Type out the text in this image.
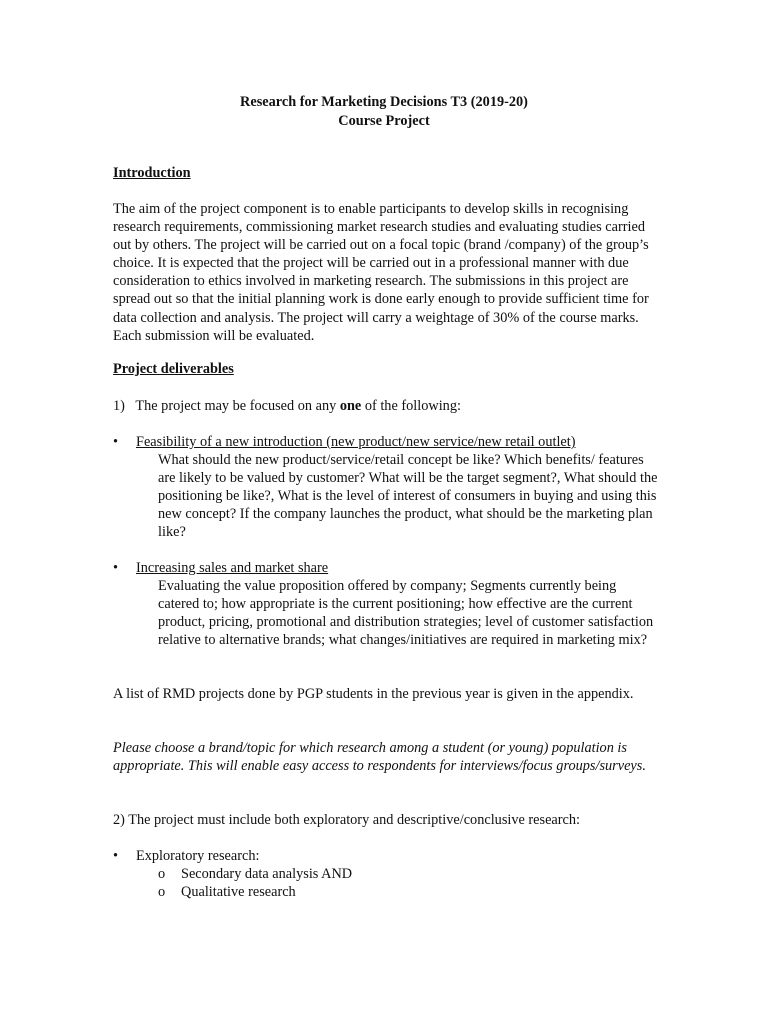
Research for Marketing Decisions T3 (2019-20)
Course Project
Introduction
The aim of the project component is to enable participants to develop skills in recognising research requirements, commissioning market research studies and evaluating studies carried out by others. The project will be carried out on a focal topic (brand /company) of the group’s choice. It is expected that the project will be carried out in a professional manner with due consideration to ethics involved in marketing research. The submissions in this project are spread out so that the initial planning work is done early enough to provide sufficient time for data collection and analysis. The project will carry a weightage of 30% of the course marks. Each submission will be evaluated.
Project deliverables
1)   The project may be focused on any one of the following:
•	Feasibility of a new introduction (new product/new service/new retail outlet)
What should the new product/service/retail concept be like? Which benefits/ features are likely to be valued by customer? What will be the target segment?, What should the positioning be like?, What is the level of interest of consumers in buying and using this new concept? If the company launches the product, what should be the marketing plan like?
•	Increasing sales and market share
Evaluating the value proposition offered by company; Segments currently being catered to; how appropriate is the current positioning; how effective are the current product, pricing, promotional and distribution strategies; level of customer satisfaction relative to alternative brands; what changes/initiatives are required in marketing mix?
A list of RMD projects done by PGP students in the previous year is given in the appendix.
Please choose a brand/topic for which research among a student (or young) population is appropriate. This will enable easy access to respondents for interviews/focus groups/surveys.
2) The project must include both exploratory and descriptive/conclusive research:
•	Exploratory research:
o	Secondary data analysis AND
o	Qualitative research
